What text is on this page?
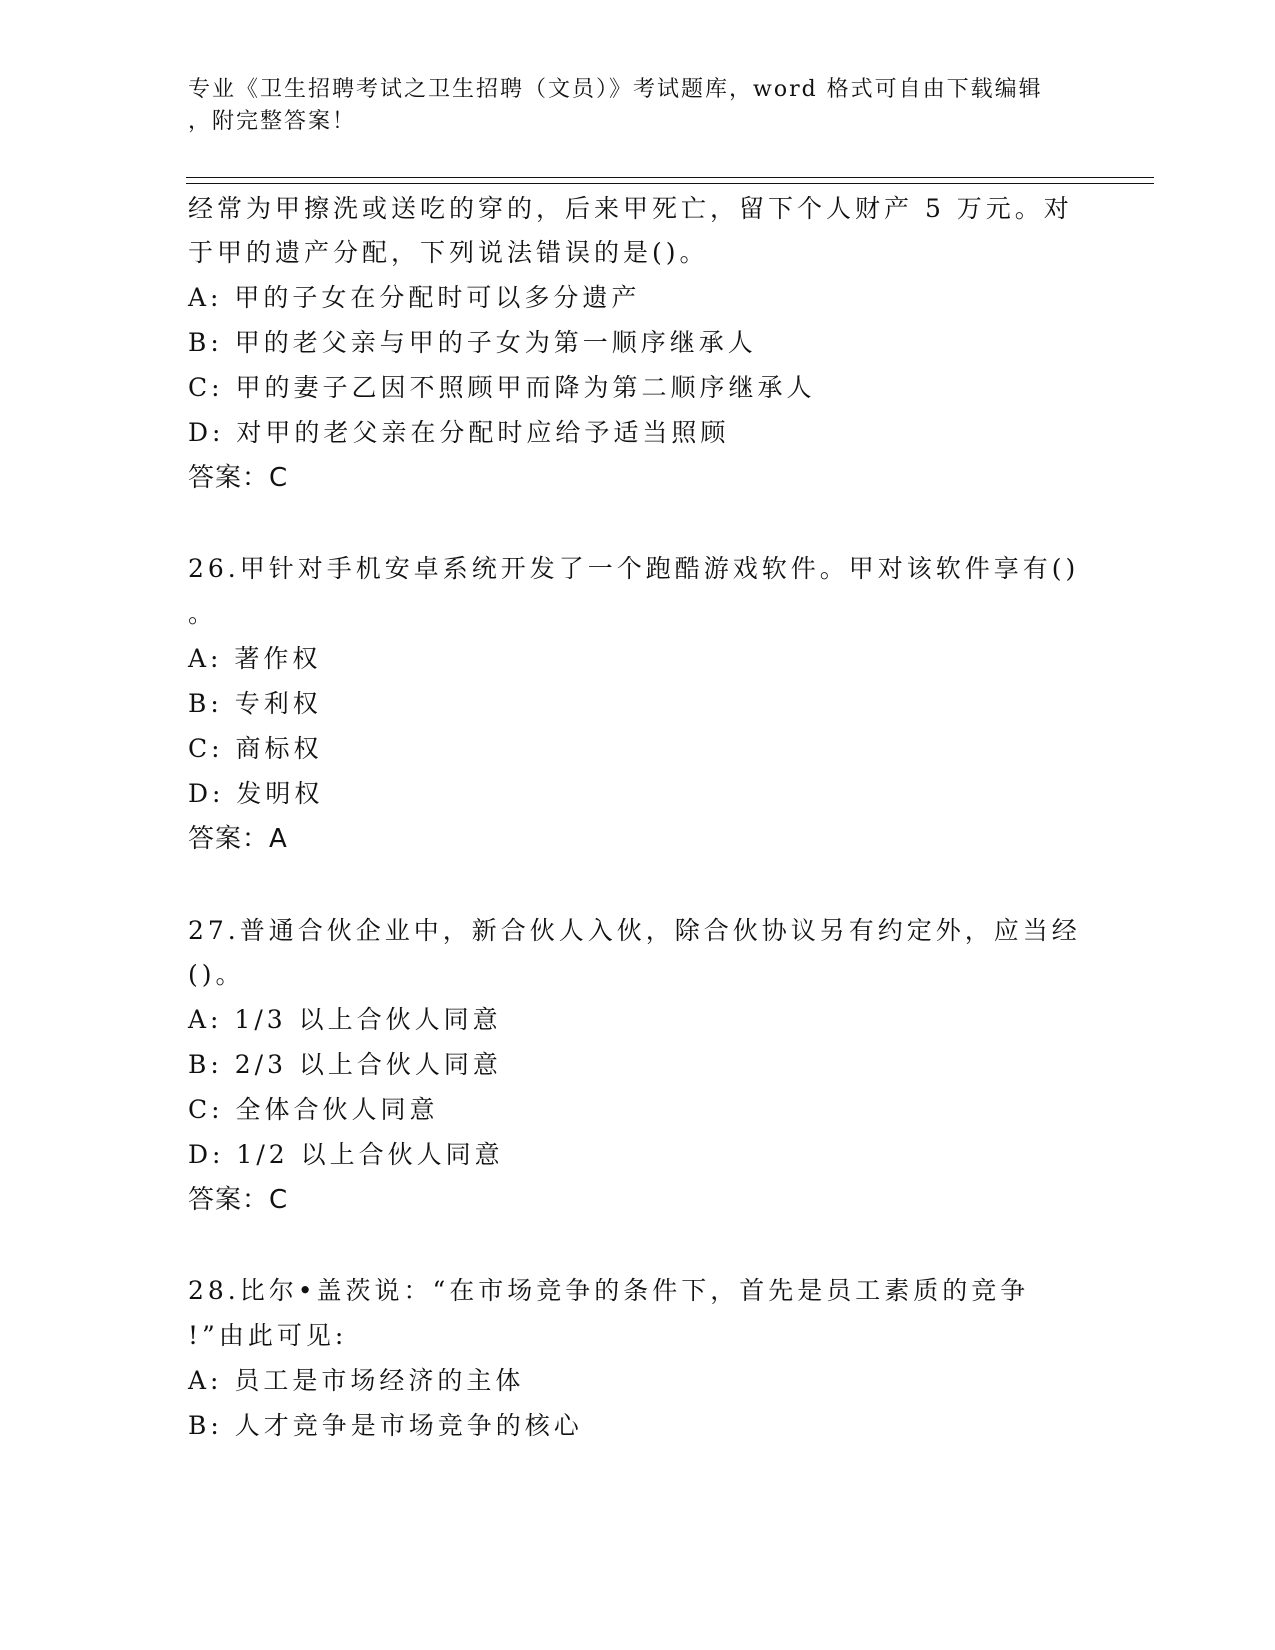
专业《卫生招聘考试之卫生招聘（文员）》考试题库，word 格式可自由下载编辑
，附完整答案！
经常为甲擦洗或送吃的穿的，后来甲死亡，留下个人财产 5 万元。对
于甲的遗产分配，下列说法错误的是()。
A: 甲的子女在分配时可以多分遗产
B: 甲的老父亲与甲的子女为第一顺序继承人
C: 甲的妻子乙因不照顾甲而降为第二顺序继承人
D: 对甲的老父亲在分配时应给予适当照顾
答案：C
26.甲针对手机安卓系统开发了一个跑酷游戏软件。甲对该软件享有()
。
A: 著作权
B: 专利权
C: 商标权
D: 发明权
答案：A
27.普通合伙企业中，新合伙人入伙，除合伙协议另有约定外，应当经
()。
A: 1/3 以上合伙人同意
B: 2/3 以上合伙人同意
C: 全体合伙人同意
D: 1/2 以上合伙人同意
答案：C
28.比尔•盖茨说：“在市场竞争的条件下，首先是员工素质的竞争
!”由此可见:
A: 员工是市场经济的主体
B: 人才竞争是市场竞争的核心
